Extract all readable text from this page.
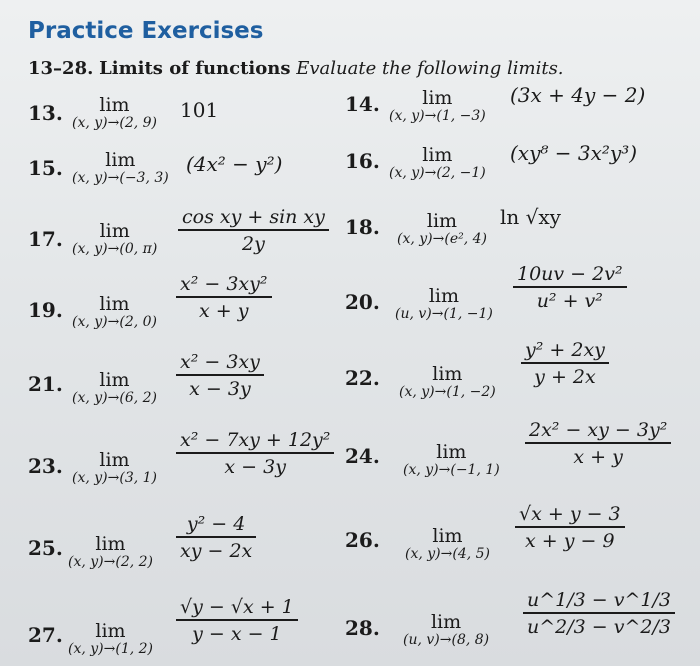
Practice Exercises
13–28. Limits of functions Evaluate the following limits.
13. lim
(x, y)→(2, 9)
101	14. lim
(x, y)→(1, −3)
(3x + 4y − 2)
15. lim
(x, y)→(−3, 3)
(4x² − y²)	16. lim
(x, y)→(2, −1)
(xy⁸ − 3x²y³)
17. lim
(x, y)→(0, π)
cos xy + sin xy
2y
18. lim
(x, y)→(e², 4)
ln √xy
19. lim
(x, y)→(2, 0)
x² − 3xy²
x + y	20.	lim
(u, v)→(1, −1)
10uv − 2v²
u² + v²
21. lim
(x, y)→(6, 2)
x² − 3xy
x − 3y	22.	lim
(x, y)→(1, −2)
y² + 2xy
y + 2x
23. lim
(x, y)→(3, 1)
x² − 7xy + 12y²
x − 3y	24.	lim
(x, y)→(−1, 1)
2x² − xy − 3y²
x + y
25. lim
(x, y)→(2, 2)
y² − 4
xy − 2x	26.	lim
(x, y)→(4, 5)
√x + y − 3
x + y − 9
27. lim
(x, y)→(1, 2)
√y − √x + 1
y − x − 1	28.	lim
(u, v)→(8, 8)
u^1/3 − v^1/3
u^2/3 − v^2/3
